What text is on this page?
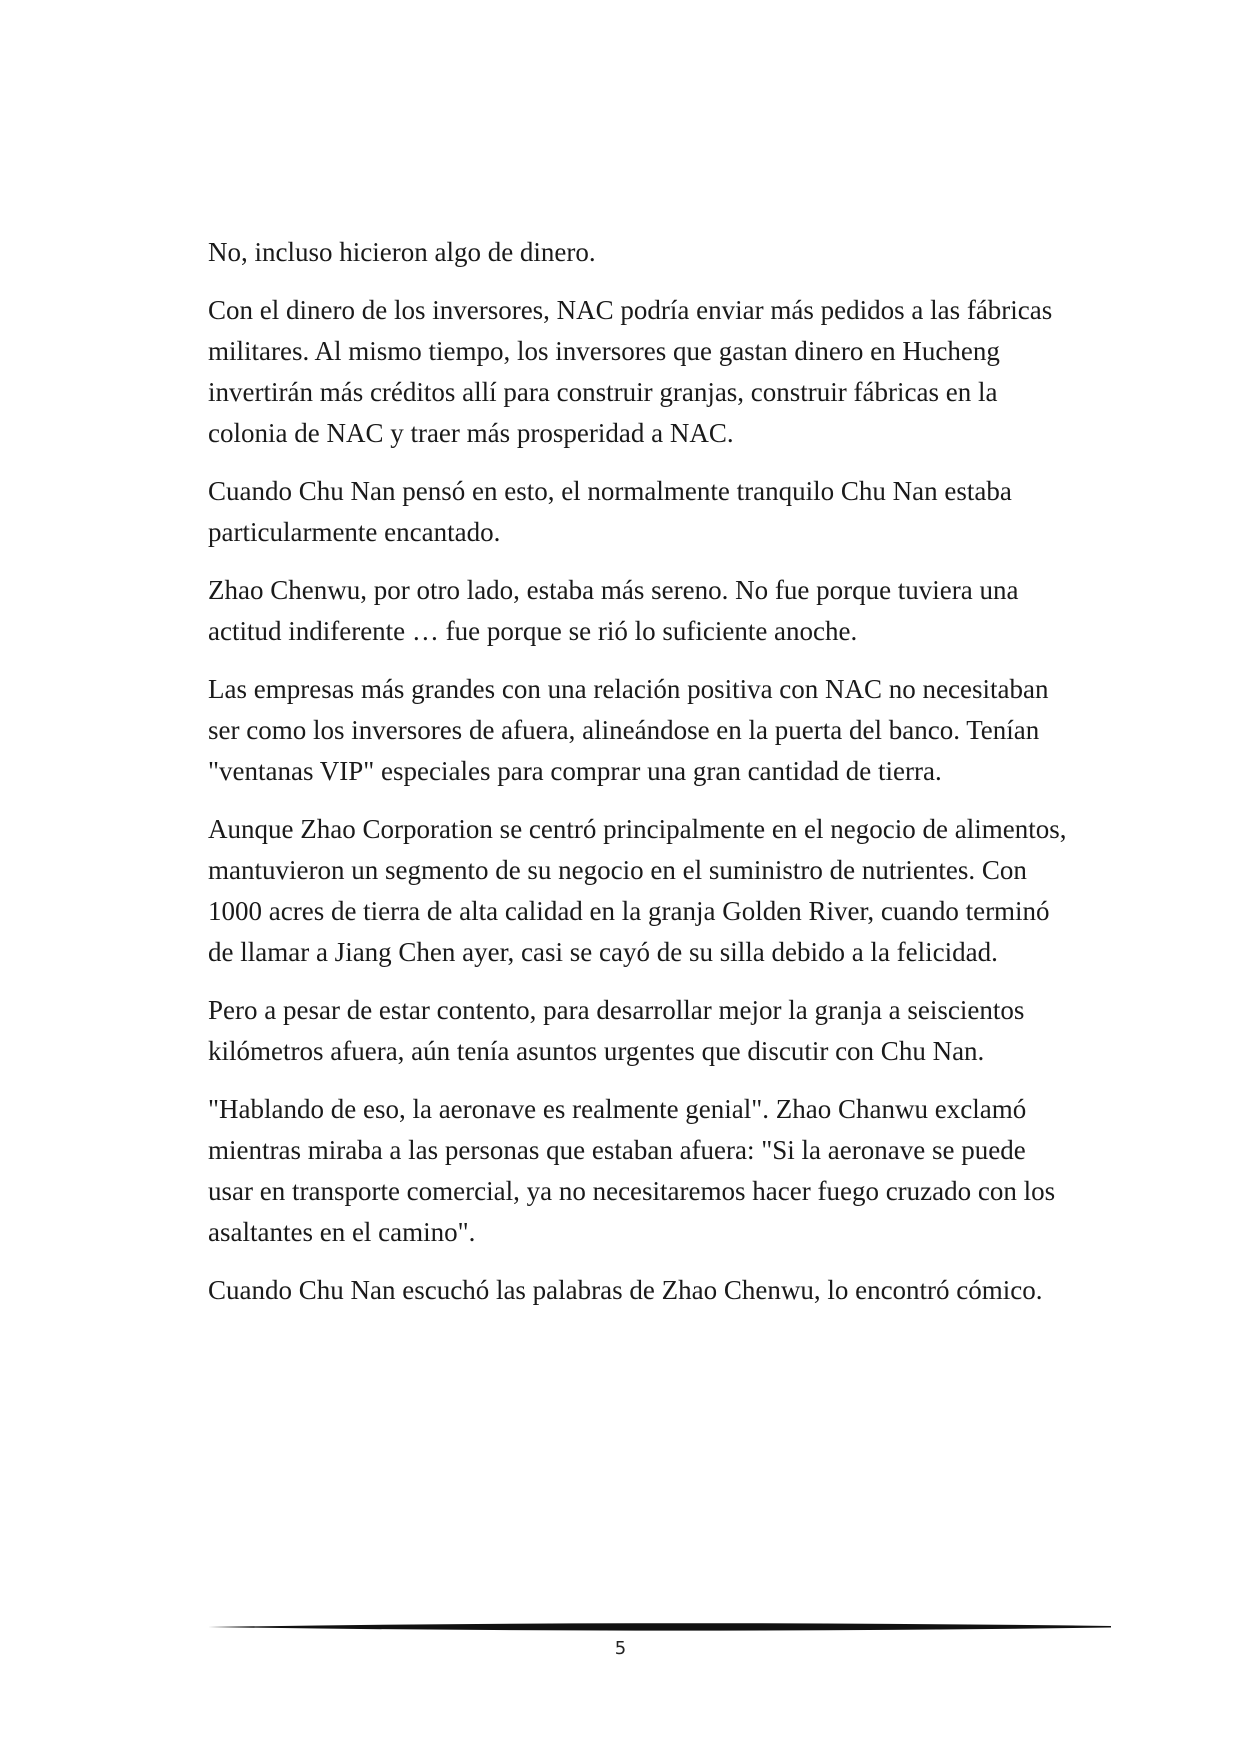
No, incluso hicieron algo de dinero.

Con el dinero de los inversores, NAC podría enviar más pedidos a las fábricas militares. Al mismo tiempo, los inversores que gastan dinero en Hucheng invertirán más créditos allí para construir granjas, construir fábricas en la colonia de NAC y traer más prosperidad a NAC.

Cuando Chu Nan pensó en esto, el normalmente tranquilo Chu Nan estaba particularmente encantado.

Zhao Chenwu, por otro lado, estaba más sereno. No fue porque tuviera una actitud indiferente … fue porque se rió lo suficiente anoche.

Las empresas más grandes con una relación positiva con NAC no necesitaban ser como los inversores de afuera, alineándose en la puerta del banco. Tenían "ventanas VIP" especiales para comprar una gran cantidad de tierra.

Aunque Zhao Corporation se centró principalmente en el negocio de alimentos, mantuvieron un segmento de su negocio en el suministro de nutrientes. Con 1000 acres de tierra de alta calidad en la granja Golden River, cuando terminó de llamar a Jiang Chen ayer, casi se cayó de su silla debido a la felicidad.

Pero a pesar de estar contento, para desarrollar mejor la granja a seiscientos kilómetros afuera, aún tenía asuntos urgentes que discutir con Chu Nan.

"Hablando de eso, la aeronave es realmente genial". Zhao Chanwu exclamó mientras miraba a las personas que estaban afuera: "Si la aeronave se puede usar en transporte comercial, ya no necesitaremos hacer fuego cruzado con los asaltantes en el camino".

Cuando Chu Nan escuchó las palabras de Zhao Chenwu, lo encontró cómico.

5
